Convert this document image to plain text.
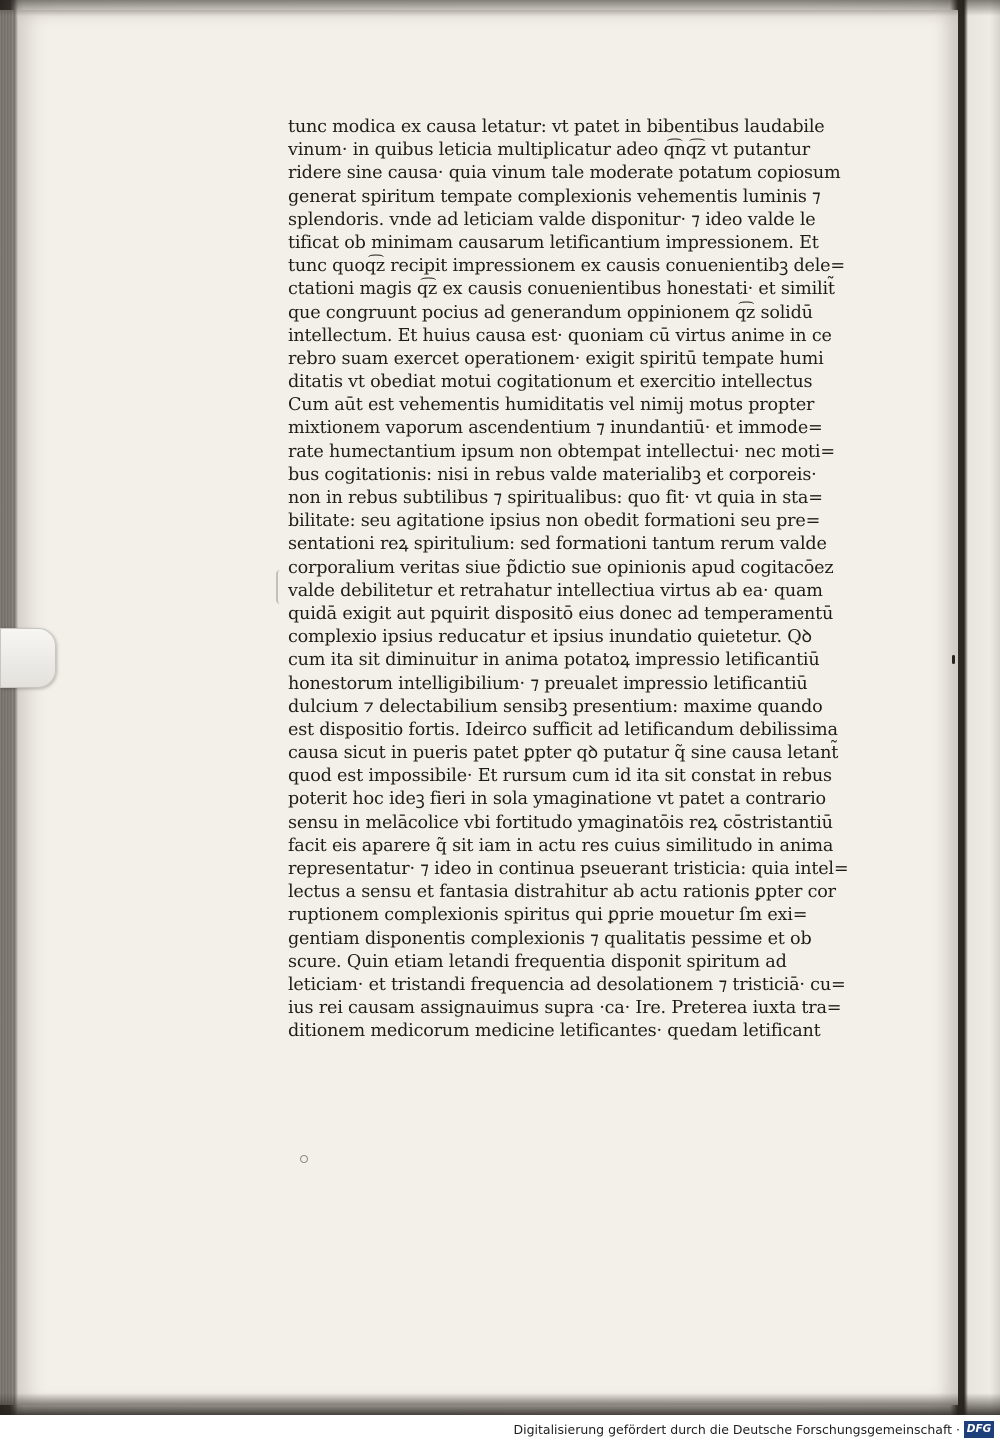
tunc modica ex causa letatur: vt patet in bibentibus laudabile
vinum· in quibus leticia multiplicatur adeo q͡nq͡z vt putantur
ridere sine causa· quia vinum tale moderate potatum copiosum
generat spiritum tempate complexionis vehementis luminis ⁊
splendoris. vnde ad leticiam valde disponitur· ⁊ ideo valde le
tificat ob minimam causarum letificantium impressionem. Et
tunc quoq͡z recipit impressionem ex causis conuenientibꝫ dele=
ctationi magis q͡z ex causis conuenientibus honestati· et similit̃
que congruunt pocius ad generandum oppinionem q͡z solidū
intellectum. Et huius causa est· quoniam cū virtus anime in ce
rebro suam exercet operationem· exigit spiritū tempate humi
ditatis vt obediat motui cogitationum et exercitio intellectus
Cum aūt est vehementis humiditatis vel nimij motus propter
mixtionem vaporum ascendentium ⁊ inundantiū· et immode=
rate humectantium ipsum non obtempat intellectui· nec moti=
bus cogitationis: nisi in rebus valde materialibꝫ et corporeis·
non in rebus subtilibus ⁊ spiritualibus: quo fit· vt quia in sta=
bilitate: seu agitatione ipsius non obedit formationi seu pre=
sentationi reꝝ spiritulium: sed formationi tantum rerum valde
corporalium veritas siue p̃dictio sue opinionis apud cogitacōez
valde debilitetur et retrahatur intellectiua virtus ab ea· quam
quidā exigit aut pquirit dispositō eius donec ad temperamentū
complexio ipsius reducatur et ipsius inundatio quietetur. Qꝺ
cum ita sit diminuitur in anima potatoꝝ impressio letificantiū
honestorum intelligibilium· ⁊ preualet impressio letificantiū
dulcium ⁊ delectabilium sensibꝫ presentium: maxime quando
est dispositio fortis. Ideirco sufficit ad letificandum debilissima
causa sicut in pueris patet ꝑpter qꝺ putatur q̃ sine causa letant̃
quod est impossibile· Et rursum cum id ita sit constat in rebus
poterit hoc ideꝫ fieri in sola ymaginatione vt patet a contrario
sensu in melācolice vbi fortitudo ymaginatōis reꝝ cōstristantiū
facit eis aparere q̃ sit iam in actu res cuius similitudo in anima
representatur· ⁊ ideo in continua pseuerant tristicia: quia intel=
lectus a sensu et fantasia distrahitur ab actu rationis ꝑpter cor
ruptionem complexionis spiritus qui ꝑprie mouetur ſm exi=
gentiam disponentis complexionis ⁊ qualitatis pessime et ob
scure. Quin etiam letandi frequentia disponit spiritum ad
leticiam· et tristandi frequencia ad desolationem ⁊ tristiciā· cu=
ius rei causam assignauimus supra ·ca· Ire. Preterea iuxta tra=
ditionem medicorum medicine letificantes· quedam letificant
Digitalisierung gefördert durch die Deutsche Forschungsgemeinschaft · DFG
